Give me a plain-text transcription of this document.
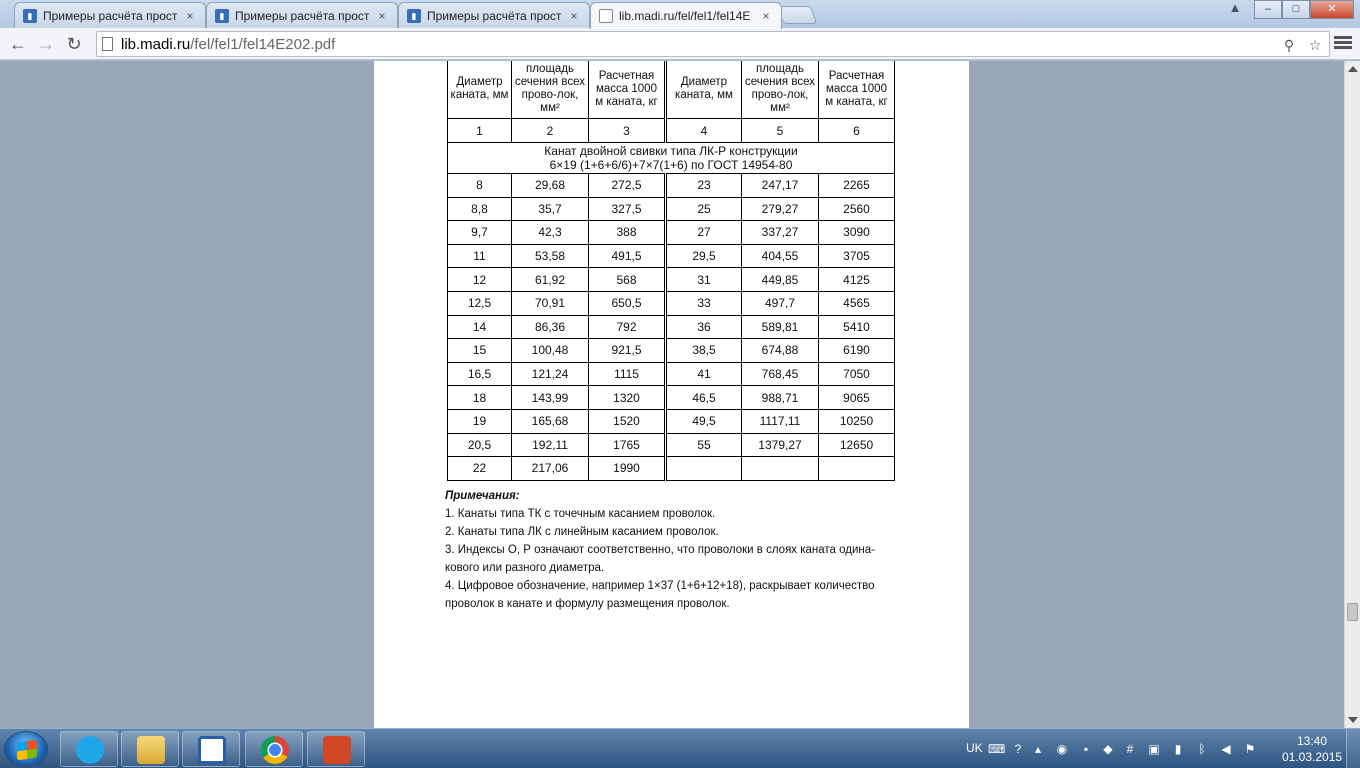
▮ Примеры расчёта прост ×	▮ Примеры расчёта прост ×	▮ Примеры расчёта прост ×	lib.madi.ru/fel/fel1/fel14E	×
▲	–	□	✕
← → ↻	lib.madi.ru/fel/fel1/fel14E202.pdf	⚲	☆
Диаметр каната, мм	площадь сечения всех прово-лок, мм²	Расчетная масса 1000 м каната, кг	Диаметр каната, мм	площадь сечения всех прово-лок, мм²	Расчетная масса 1000 м каната, кг
1	2	3	4	5	6

Канат двойной свивки типа ЛК-Р конструкции
6×19 (1+6+6/6)+7×7(1+6) по ГОСТ 14954-80					

8	29,68	272,5	23	247,17	2265
8,8	35,7	327,5	25	279,27	2560
9,7	42,3	388	27	337,27	3090
11	53,58	491,5	29,5	404,55	3705
12	61,92	568	31	449,85	4125
12,5	70,91	650,5	33	497,7	4565
14	86,36	792	36	589,81	5410
15	100,48	921,5	38,5	674,88	6190
16,5	121,24	1115	41	768,45	7050
18	143,99	1320	46,5	988,71	9065
19	165,68	1520	49,5	1117,11	10250
20,5	192,11	1765	55	1379,27	12650
22	217,06	1990			
Примечания:
1. Канаты типа ТК с точечным касанием проволок.
2. Канаты типа ЛК с линейным касанием проволок.
3. Индексы О, Р означают соответственно, что проволоки в слоях каната одина-
кового или разного диаметра.
4. Цифровое обозначение, например 1×37 (1+6+12+18), раскрывает количество
проволок в канате и формулу размещения проволок.
UK ⌨ ?	▴	◉	▪	◆	#	▣	▮	ᛒ	◀ ⚑
13:40
01.03.2015
